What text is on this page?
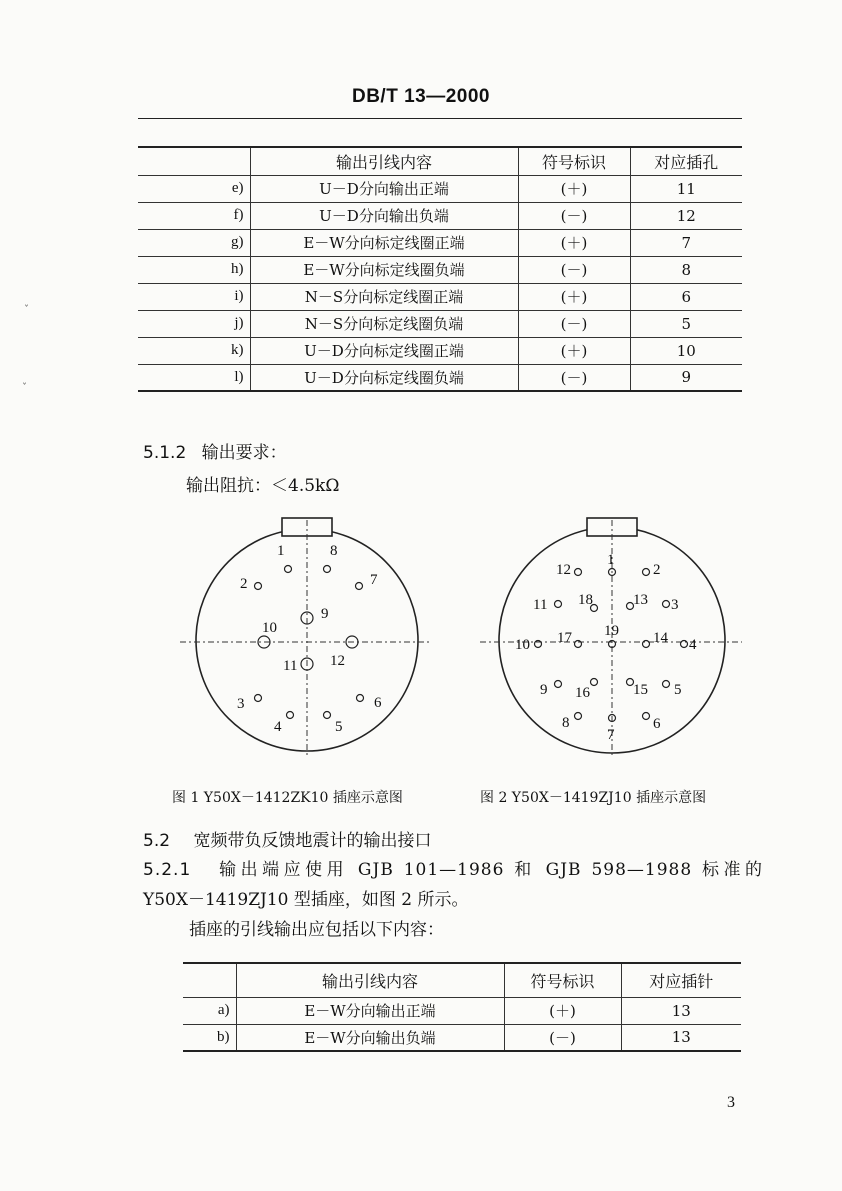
DB/T 13—2000
	输出引线内容	符号标识	对应插孔
e)	U－D分向输出正端	(＋)	11
f)	U－D分向输出负端	(－)	12
g)	E－W分向标定线圈正端	(＋)	7
h)	E－W分向标定线圈负端	(－)	8
i)	N－S分向标定线圈正端	(＋)	6
j)	N－S分向标定线圈负端	(－)	5
k)	U－D分向标定线圈正端	(＋)	10
l)	U－D分向标定线圈负端	(－)	9
5.1.2 输出要求：
输出阻抗：＜4.5kΩ
1	8
2	7
9
10
12
11
3	6
4	5
图 1 Y50X－1412ZK10 插座示意图
1
12	2
11 18	13 3
10 17 19 14 4
9 16	15 5
8
7
6
图 2 Y50X－1419ZJ10 插座示意图
5.2 宽频带负反馈地震计的输出接口
5.2.1 输出端应使用 GJB 101—1986 和 GJB 598—1988 标准的
Y50X－1419ZJ10 型插座，如图 2 所示。
插座的引线输出应包括以下内容：
	输出引线内容	符号标识	对应插针
a)	E－W分向输出正端	(＋)	13
b)	E－W分向输出负端	(－)	13
3
ˇ
ˇ
